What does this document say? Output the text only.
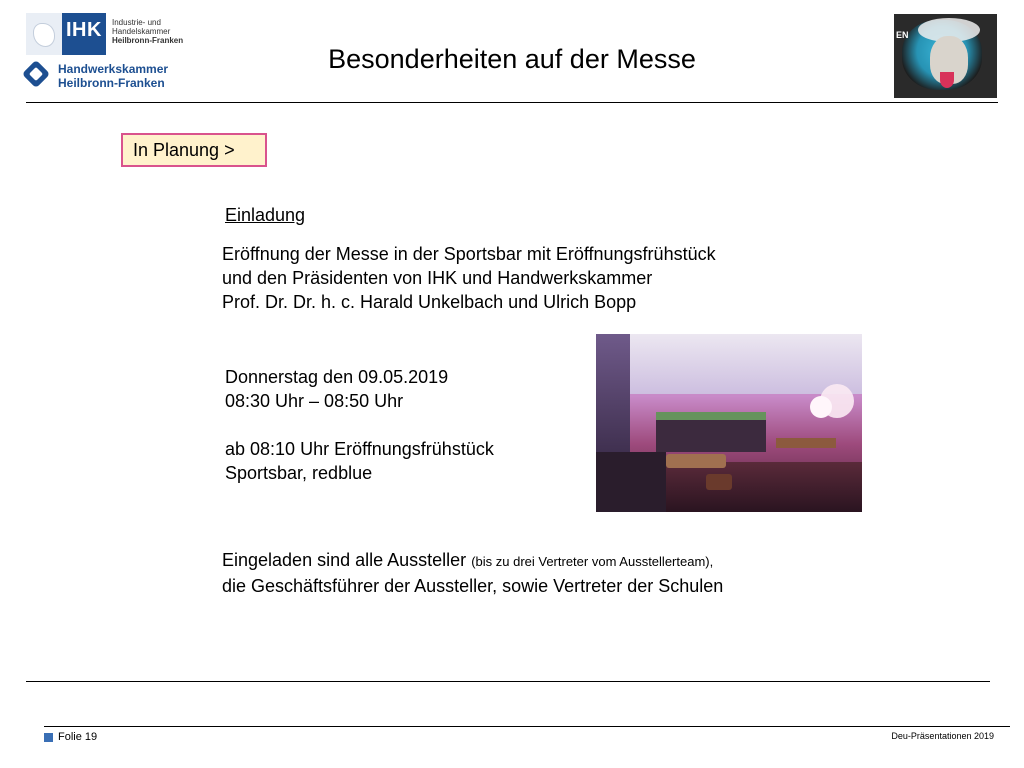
IHK Industrie- und Handelskammer
Heilbronn-Franken
Handwerkskammer
Heilbronn-Franken
Besonderheiten auf der Messe
EN
In Planung >
Einladung
Eröffnung der Messe in der Sportsbar mit Eröffnungsfrühstück
und den Präsidenten von IHK und Handwerkskammer
Prof. Dr. Dr. h. c. Harald Unkelbach und Ulrich Bopp
Donnerstag den 09.05.2019
08:30 Uhr – 08:50 Uhr
ab 08:10 Uhr Eröffnungsfrühstück
Sportsbar, redblue
Eingeladen sind alle Aussteller (bis zu drei Vertreter vom Ausstellerteam),
die Geschäftsführer der Aussteller, sowie Vertreter der Schulen
Folie 19	Deu-Präsentationen 2019
